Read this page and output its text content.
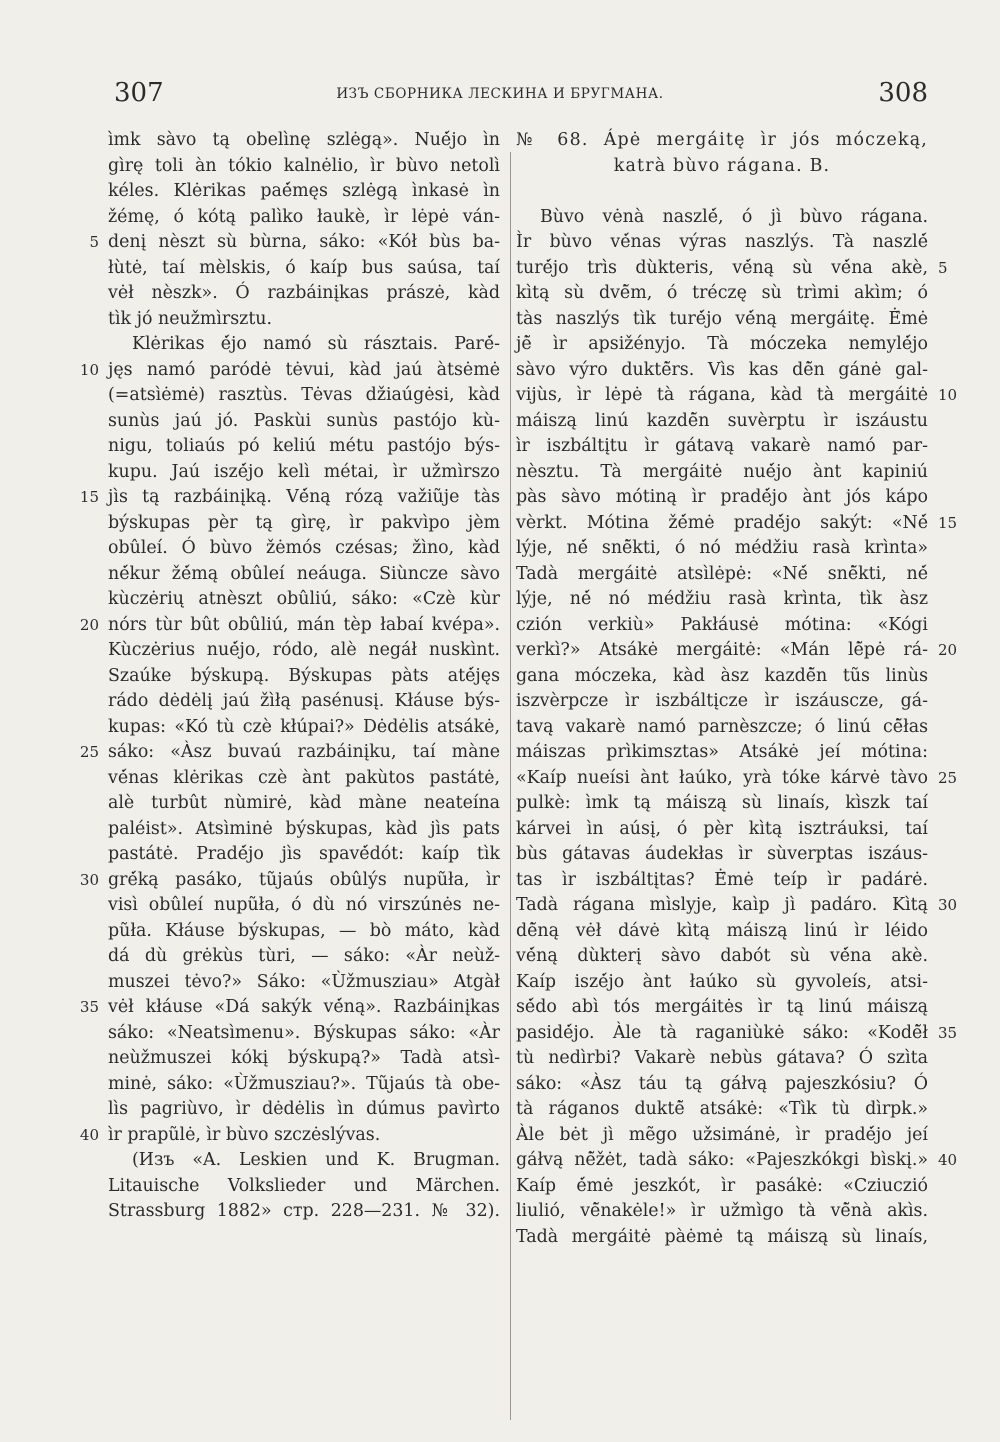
307	ИЗЪ СБОРНИКА ЛЕСКИНА И БРУГМАНА.	308
ìmk sàvo tą obelìnę szlėgą». Nuė́jo ìn
gìrę toli àn tókio kalnėlio, ìr bùvo netolì
kéles. Klėrikas paė́męs szlėgą ìnkasė ìn
žémę, ó kótą palìko łaukè, ìr lėpė ván-
5 denį nèszt sù bùrna, sáko: «Kół bùs ba-
łùtė, taí mèlskis, ó kaíp bus saúsa, taí
vėł nèszk». Ó razbáinįkas prászė, kàd
tìk jó neužmìrsztu.
Klėrikas ė́jo namó sù rásztais. Parė́-
10 jęs namó paródė tėvui, kàd jaú àtsėmė
(=atsìėmė) rasztùs. Tėvas džiaúgėsi, kàd
sunùs jaú jó. Paskùi sunùs pastójo kù-
nigu, toliaús pó keliú métu pastójo býs-
kupu. Jaú iszė́jo kelì métai, ìr užmìrszo
15 jìs tą razbáinįką. Vė́ną rózą važiũje tàs
býskupas pèr tą gìrę, ìr pakvìpo jèm
obûleí. Ó bùvo žėmós czésas; žìno, kàd
nė́kur žė́mą obûleí neáuga. Siùncze sàvo
kùczėrių atnèszt obûliú, sáko: «Czè kùr
20 nórs tùr bût obûliú, mán tèp łabaí kvépa».
Kùczėrius nuė́jo, ródo, alè negáł nuskìnt.
Szaúke býskupą. Býskupas pàts atė́jęs
rádo dėdėlį jaú žìłą pasénusį. Kłáuse býs-
kupas: «Kó tù czè kłúpai?» Dėdėlis atsákė,
25 sáko: «Àsz buvaú razbáinįku, taí màne
vė́nas klėrikas czè ànt pakùtos pastátė,
alè turbût nùmirė, kàd màne neateína
paléist». Atsìminė býskupas, kàd jìs pats
pastátė. Pradė́jo jìs spavė́dót: kaíp tìk
30 grė́ką pasáko, tũjaús obûlýs nupũła, ìr
visì obûleí nupũła, ó dù nó virszúnės ne-
pũła. Kłáuse býskupas, — bò máto, kàd
dá dù grėkùs tùri, — sáko: «Àr neùž-
muszei tėvo?» Sáko: «Ùžmusziau» Atgàł
35 vėł kłáuse «Dá sakýk vė́ną». Razbáinįkas
sáko: «Neatsìmenu». Býskupas sáko: «Àr
neùžmuszei kókį býskupą?» Tadà atsì-
minė, sáko: «Ùžmusziau?». Tũjaús tà obe-
lìs pagriùvo, ìr dėdėlis ìn dúmus pavìrto
40 ìr prapũlė, ìr bùvo szczėslývas.
(Изъ «A. Leskien und K. Brugman.
Litauische Volkslieder und Märchen.
Strassburg 1882» стр. 228—231. № 32).
№ 68. Ápė mergáitę ìr jós móczeką,
katrà bùvo rágana. B.
Bùvo vėnà naszlė́, ó jì bùvo rágana.
Ìr bùvo vė́nas výras naszlýs. Tà naszlė́
5
turė́jo trìs dùkteris, vė́ną sù vė́na akè,
kìtą sù dvė̃m, ó tréczę sù trìmi akìm; ó
tàs naszlýs tìk turė́jo vė́ną mergáitę. Ė́mė
jė̃ ìr apsižényjo. Tà móczeka nemylė́jo
sàvo výro duktė̃rs. Vìs kas dė̃n gánė gal-
10
vijùs, ìr lėpė tà rágana, kàd tà mergáitė
máiszą linú kazdė̃n suvèrptu ìr iszáustu
ìr iszbáltįtu ìr gátavą vakarè namó par-
nèsztu. Tà mergáitė nuė́jo ànt kapiniú
pàs sàvo mótiną ìr pradė́jo ànt jós kápo
15
vèrkt. Mótina žė́mė pradė́jo sakýt: «Nė́
lýje, nė́ snė̃kti, ó nó médžiu rasà krìnta»
Tadà mergáitė atsìlėpė: «Nė́ snė̃kti, nė́
lýje, nė́ nó médžiu rasà krìnta, tìk àsz
czión verkiù» Pakłáusė mótina: «Kógi
20
verkì?» Atsákė mergáitė: «Mán lė̃pė rá-
gana móczeka, kàd àsz kazdė̃n tũs linùs
iszvèrpcze ìr iszbáltįcze ìr iszáuscze, gá-
tavą vakarè namó parnèszcze; ó linú cė̃łas
máiszas prìkimsztas» Atsákė jeí mótina:
25
«Kaíp nueísi ànt łaúko, yrà tóke kárvė tàvo
pulkè: ìmk tą máiszą sù linaís, kìszk taí
kárvei ìn aúsį, ó pèr kìtą isztráuksi, taí
bùs gátavas áudekłas ìr sùverptas iszáus-
tas ìr iszbáltįtas? Ė́mė teíp ìr padárė.
30
Tadà rágana mìslyje, kaìp jì padáro. Kìtą
dė̃ną vėł dávė kìtą máiszą linú ìr léido
vė́ną dùkterį sàvo dabót sù vė́na akè.
Kaíp iszė́jo ànt łaúko sù gyvoleís, atsi-
sė́do abì tós mergáitės ìr tą linú máiszą
35
pasidė́jo. Àle tà raganiùkė sáko: «Kodė̃ł
tù nedìrbi? Vakarè nebùs gátava? Ó szìta
sáko: «Àsz táu tą gáłvą pajeszkósiu? Ó
tà ráganos duktė̃ atsákė: «Tìk tù dìrpk.»
Àle bėt jì mẽgo užsimánė, ìr pradė́jo jeí
40
gáłvą nė̃žėt, tadà sáko: «Pajeszkókgi bìskį.»
Kaíp ė́mė jeszkót, ìr pasákė: «Cziuczió
liulió, vė̃nakėle!» ìr užmìgo tà vė̃nà akìs.
Tadà mergáitė pàėmė tą máiszą sù linaís,
